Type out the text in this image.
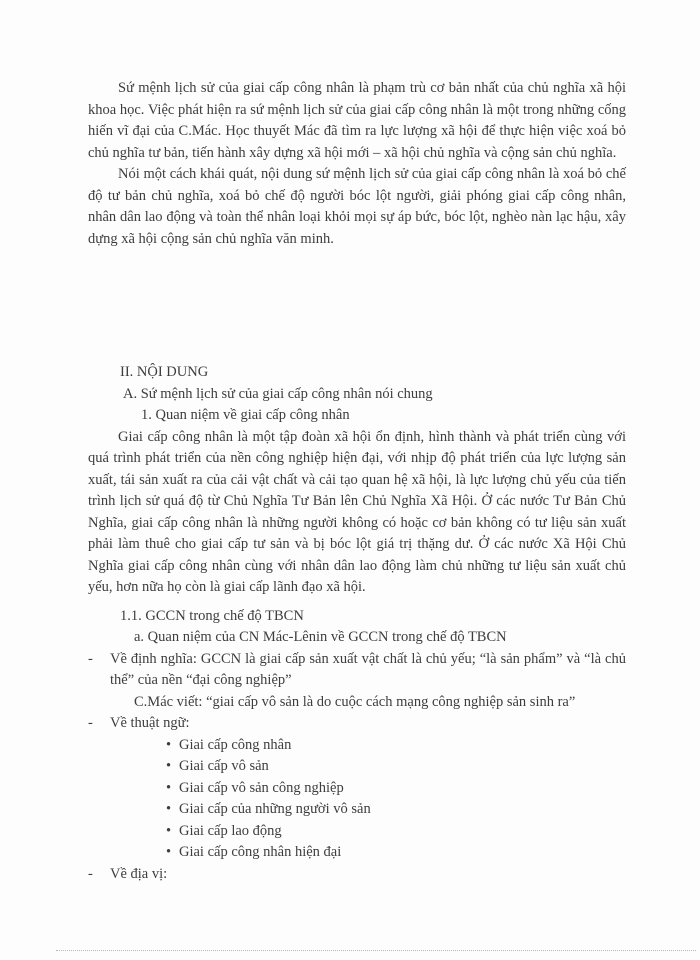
Sứ mệnh lịch sử của giai cấp công nhân là phạm trù cơ bản nhất của chủ nghĩa xã hội khoa học. Việc phát hiện ra sứ mệnh lịch sử của giai cấp công nhân là một trong những cống hiến vĩ đại của C.Mác. Học thuyết Mác đã tìm ra lực lượng xã hội để thực hiện việc xoá bỏ chủ nghĩa tư bản, tiến hành xây dựng xã hội mới – xã hội chủ nghĩa và cộng sản chủ nghĩa.

Nói một cách khái quát, nội dung sứ mệnh lịch sử của giai cấp công nhân là xoá bỏ chế độ tư bản chủ nghĩa, xoá bỏ chế độ người bóc lột người, giải phóng giai cấp công nhân, nhân dân lao động và toàn thể nhân loại khỏi mọi sự áp bức, bóc lột, nghèo nàn lạc hậu, xây dựng xã hội cộng sản chủ nghĩa văn minh.

II. NỘI DUNG
A. Sứ mệnh lịch sử của giai cấp công nhân nói chung
1. Quan niệm về giai cấp công nhân

Giai cấp công nhân là một tập đoàn xã hội ổn định, hình thành và phát triển cùng với quá trình phát triển của nền công nghiệp hiện đại, với nhịp độ phát triển của lực lượng sản xuất, tái sản xuất ra của cải vật chất và cải tạo quan hệ xã hội, là lực lượng chủ yếu của tiến trình lịch sử quá độ từ Chủ Nghĩa Tư Bản lên Chủ Nghĩa Xã Hội. Ở các nước Tư Bản Chủ Nghĩa, giai cấp công nhân là những người không có hoặc cơ bản không có tư liệu sản xuất phải làm thuê cho giai cấp tư sản và bị bóc lột giá trị thặng dư. Ở các nước Xã Hội Chủ Nghĩa giai cấp công nhân cùng với nhân dân lao động làm chủ những tư liệu sản xuất chủ yếu, hơn nữa họ còn là giai cấp lãnh đạo xã hội.

1.1. GCCN trong chế độ TBCN
a. Quan niệm của CN Mác-Lênin về GCCN trong chế độ TBCN
-
Về định nghĩa: GCCN là giai cấp sản xuất vật chất là chủ yếu; “là sản phẩm” và “là chủ thể” của nền “đại công nghiệp”

C.Mác viết: “giai cấp vô sản là do cuộc cách mạng công nghiệp sản sinh ra”

-
Về thuật ngữ:
•
Giai cấp công nhân
•
Giai cấp vô sản
•
Giai cấp vô sản công nghiệp
•
Giai cấp của những người vô sản
•
Giai cấp lao động
•
Giai cấp công nhân hiện đại
-
Về địa vị:
